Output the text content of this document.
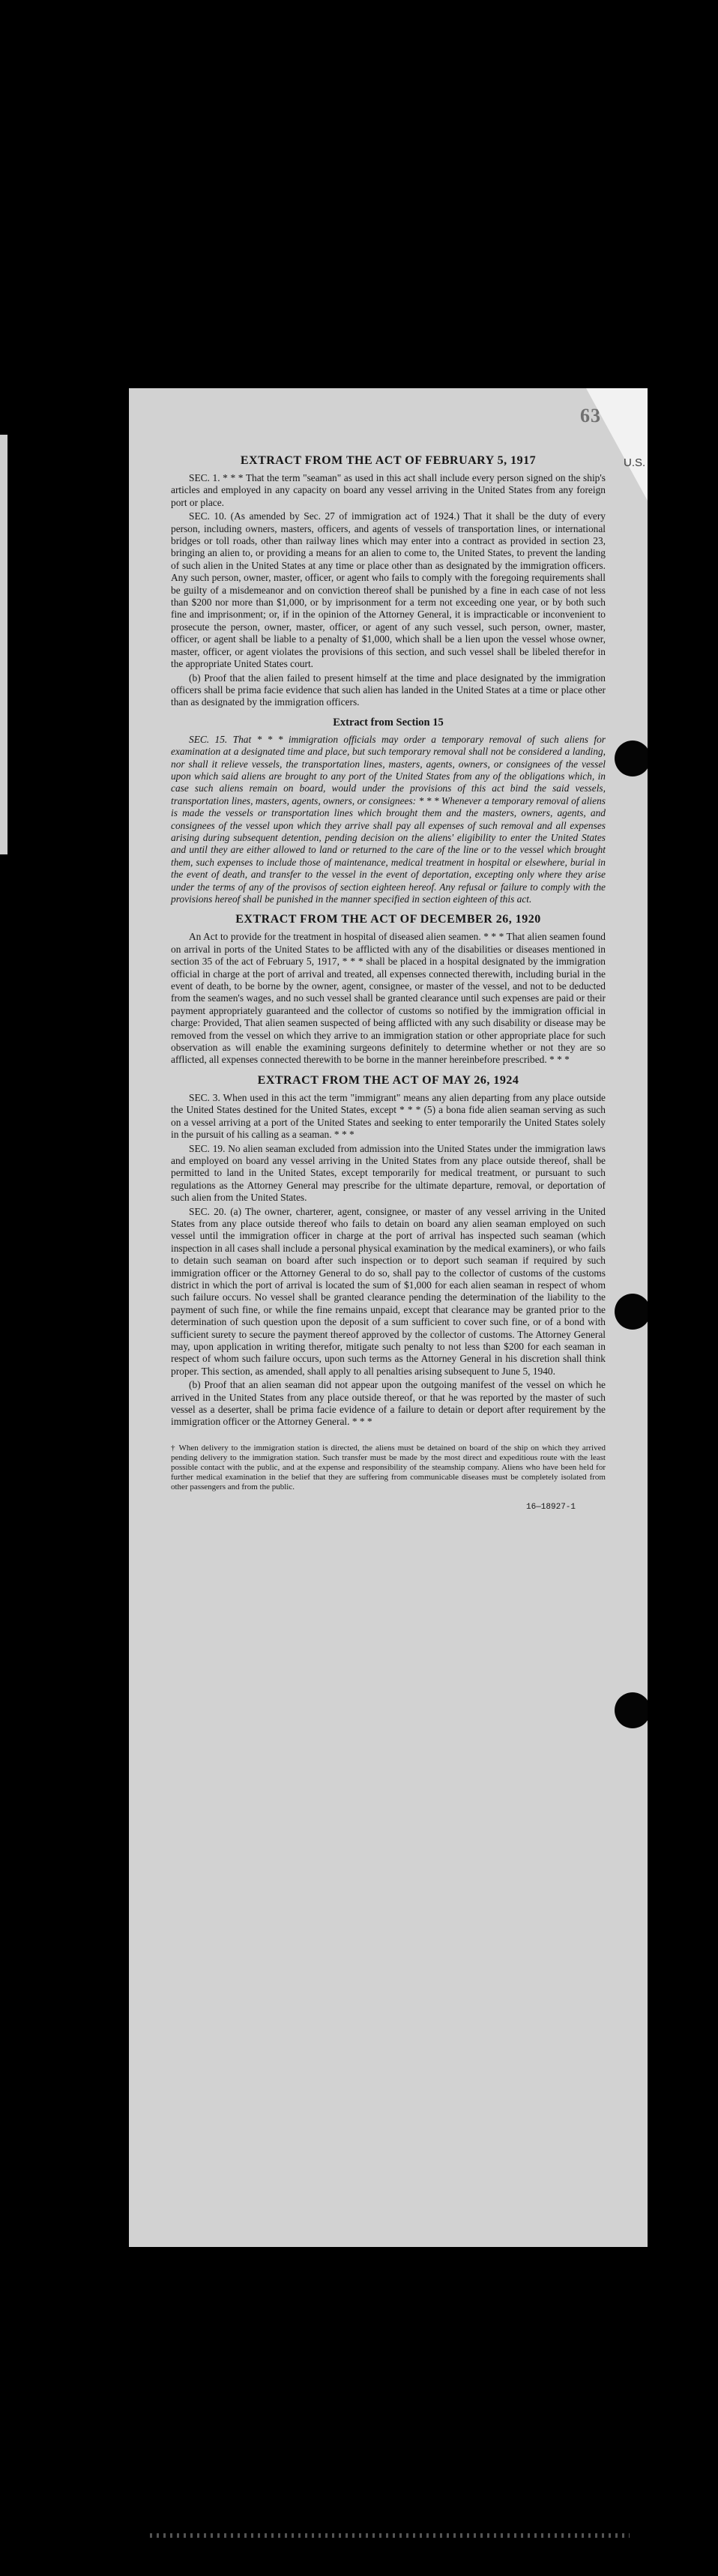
63
U.S.
EXTRACT FROM THE ACT OF FEBRUARY 5, 1917

SEC. 1. * * * That the term "seaman" as used in this act shall include every person signed on the ship's articles and employed in any capacity on board any vessel arriving in the United States from any foreign port or place.

SEC. 10. (As amended by Sec. 27 of immigration act of 1924.) That it shall be the duty of every person, including owners, masters, officers, and agents of vessels of transportation lines, or international bridges or toll roads, other than railway lines which may enter into a contract as provided in section 23, bringing an alien to, or providing a means for an alien to come to, the United States, to prevent the landing of such alien in the United States at any time or place other than as designated by the immigration officers. Any such person, owner, master, officer, or agent who fails to comply with the foregoing requirements shall be guilty of a misdemeanor and on conviction thereof shall be punished by a fine in each case of not less than $200 nor more than $1,000, or by imprisonment for a term not exceeding one year, or by both such fine and imprisonment; or, if in the opinion of the Attorney General, it is impracticable or inconvenient to prosecute the person, owner, master, officer, or agent of any such vessel, such person, owner, master, officer, or agent shall be liable to a penalty of $1,000, which shall be a lien upon the vessel whose owner, master, officer, or agent violates the provisions of this section, and such vessel shall be libeled therefor in the appropriate United States court.

(b) Proof that the alien failed to present himself at the time and place designated by the immigration officers shall be prima facie evidence that such alien has landed in the United States at a time or place other than as designated by the immigration officers.

Extract from Section 15

SEC. 15. That * * * immigration officials may order a temporary removal of such aliens for examination at a designated time and place, but such temporary removal shall not be considered a landing, nor shall it relieve vessels, the transportation lines, masters, agents, owners, or consignees of the vessel upon which said aliens are brought to any port of the United States from any of the obligations which, in case such aliens remain on board, would under the provisions of this act bind the said vessels, transportation lines, masters, agents, owners, or consignees: * * * Whenever a temporary removal of aliens is made the vessels or transportation lines which brought them and the masters, owners, agents, and consignees of the vessel upon which they arrive shall pay all expenses of such removal and all expenses arising during subsequent detention, pending decision on the aliens' eligibility to enter the United States and until they are either allowed to land or returned to the care of the line or to the vessel which brought them, such expenses to include those of maintenance, medical treatment in hospital or elsewhere, burial in the event of death, and transfer to the vessel in the event of deportation, excepting only where they arise under the terms of any of the provisos of section eighteen hereof. Any refusal or failure to comply with the provisions hereof shall be punished in the manner specified in section eighteen of this act.

EXTRACT FROM THE ACT OF DECEMBER 26, 1920

An Act to provide for the treatment in hospital of diseased alien seamen. * * * That alien seamen found on arrival in ports of the United States to be afflicted with any of the disabilities or diseases mentioned in section 35 of the act of February 5, 1917, * * * shall be placed in a hospital designated by the immigration official in charge at the port of arrival and treated, all expenses connected therewith, including burial in the event of death, to be borne by the owner, agent, consignee, or master of the vessel, and not to be deducted from the seamen's wages, and no such vessel shall be granted clearance until such expenses are paid or their payment appropriately guaranteed and the collector of customs so notified by the immigration official in charge: Provided, That alien seamen suspected of being afflicted with any such disability or disease may be removed from the vessel on which they arrive to an immigration station or other appropriate place for such observation as will enable the examining surgeons definitely to determine whether or not they are so afflicted, all expenses connected therewith to be borne in the manner hereinbefore prescribed. * * *

EXTRACT FROM THE ACT OF MAY 26, 1924

SEC. 3. When used in this act the term "immigrant" means any alien departing from any place outside the United States destined for the United States, except * * * (5) a bona fide alien seaman serving as such on a vessel arriving at a port of the United States and seeking to enter temporarily the United States solely in the pursuit of his calling as a seaman. * * *

SEC. 19. No alien seaman excluded from admission into the United States under the immigration laws and employed on board any vessel arriving in the United States from any place outside thereof, shall be permitted to land in the United States, except temporarily for medical treatment, or pursuant to such regulations as the Attorney General may prescribe for the ultimate departure, removal, or deportation of such alien from the United States.

SEC. 20. (a) The owner, charterer, agent, consignee, or master of any vessel arriving in the United States from any place outside thereof who fails to detain on board any alien seaman employed on such vessel until the immigration officer in charge at the port of arrival has inspected such seaman (which inspection in all cases shall include a personal physical examination by the medical examiners), or who fails to detain such seaman on board after such inspection or to deport such seaman if required by such immigration officer or the Attorney General to do so, shall pay to the collector of customs of the customs district in which the port of arrival is located the sum of $1,000 for each alien seaman in respect of whom such failure occurs. No vessel shall be granted clearance pending the determination of the liability to the payment of such fine, or while the fine remains unpaid, except that clearance may be granted prior to the determination of such question upon the deposit of a sum sufficient to cover such fine, or of a bond with sufficient surety to secure the payment thereof approved by the collector of customs. The Attorney General may, upon application in writing therefor, mitigate such penalty to not less than $200 for each seaman in respect of whom such failure occurs, upon such terms as the Attorney General in his discretion shall think proper. This section, as amended, shall apply to all penalties arising subsequent to June 5, 1940.

(b) Proof that an alien seaman did not appear upon the outgoing manifest of the vessel on which he arrived in the United States from any place outside thereof, or that he was reported by the master of such vessel as a deserter, shall be prima facie evidence of a failure to detain or deport after requirement by the immigration officer or the Attorney General. * * *

† When delivery to the immigration station is directed, the aliens must be detained on board of the ship on which they arrived pending delivery to the immigration station. Such transfer must be made by the most direct and expeditious route with the least possible contact with the public, and at the expense and responsibility of the steamship company. Aliens who have been held for further medical examination in the belief that they are suffering from communicable diseases must be completely isolated from other passengers and from the public.
16—18927-1
